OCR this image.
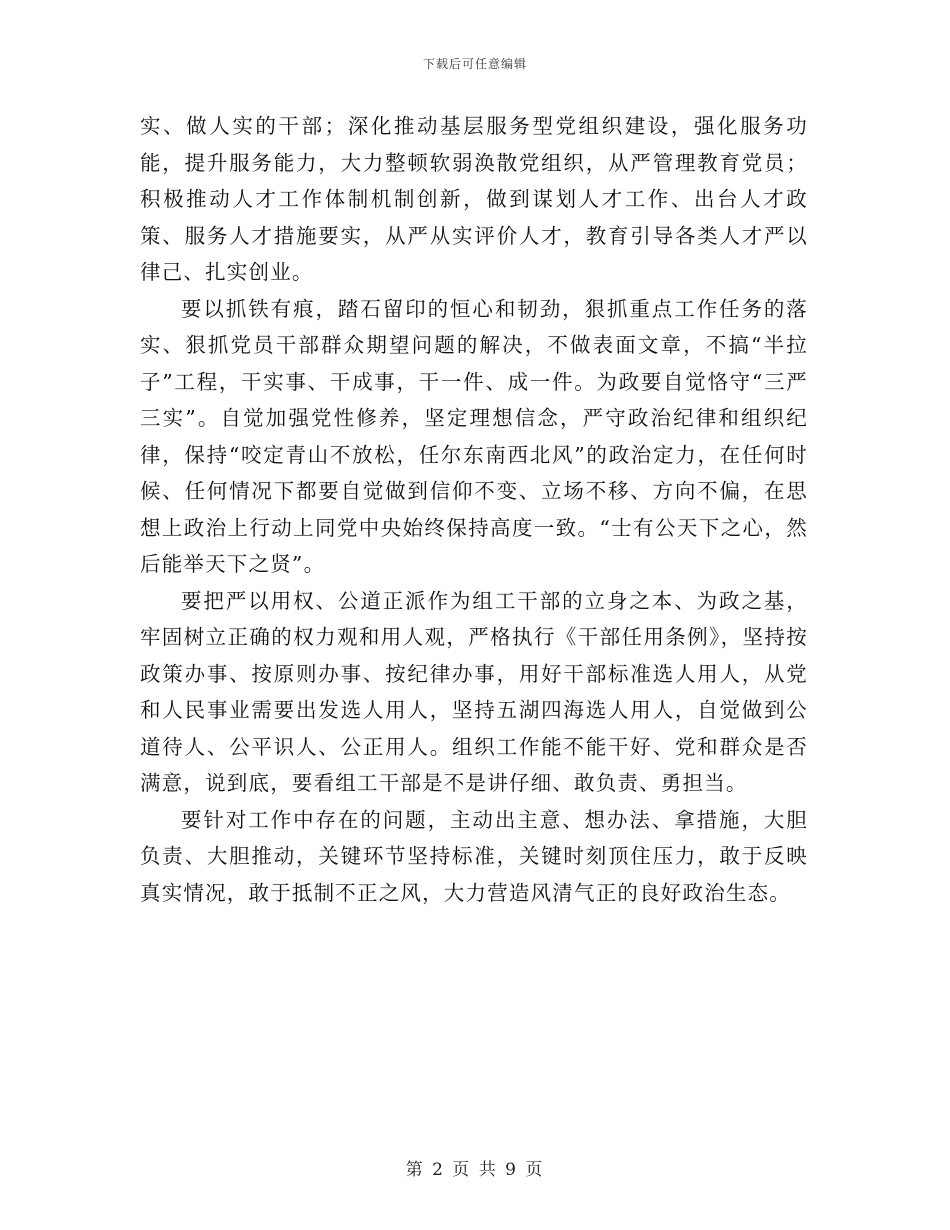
下载后可任意编辑

实、做人实的干部；深化推动基层服务型党组织建设，强化服务功能，提升服务能力，大力整顿软弱涣散党组织，从严管理教育党员；积极推动人才工作体制机制创新，做到谋划人才工作、出台人才政策、服务人才措施要实，从严从实评价人才，教育引导各类人才严以律己、扎实创业。

要以抓铁有痕，踏石留印的恒心和韧劲，狠抓重点工作任务的落实、狠抓党员干部群众期望问题的解决，不做表面文章，不搞“半拉子”工程，干实事、干成事，干一件、成一件。为政要自觉恪守“三严三实”。自觉加强党性修养，坚定理想信念，严守政治纪律和组织纪律，保持“咬定青山不放松，任尔东南西北风”的政治定力，在任何时候、任何情况下都要自觉做到信仰不变、立场不移、方向不偏，在思想上政治上行动上同党中央始终保持高度一致。“士有公天下之心，然后能举天下之贤”。

要把严以用权、公道正派作为组工干部的立身之本、为政之基，牢固树立正确的权力观和用人观，严格执行《干部任用条例》，坚持按政策办事、按原则办事、按纪律办事，用好干部标准选人用人，从党和人民事业需要出发选人用人，坚持五湖四海选人用人，自觉做到公道待人、公平识人、公正用人。组织工作能不能干好、党和群众是否满意，说到底，要看组工干部是不是讲仔细、敢负责、勇担当。

要针对工作中存在的问题，主动出主意、想办法、拿措施，大胆负责、大胆推动，关键环节坚持标准，关键时刻顶住压力，敢于反映真实情况，敢于抵制不正之风，大力营造风清气正的良好政治生态。

第 2 页 共 9 页
